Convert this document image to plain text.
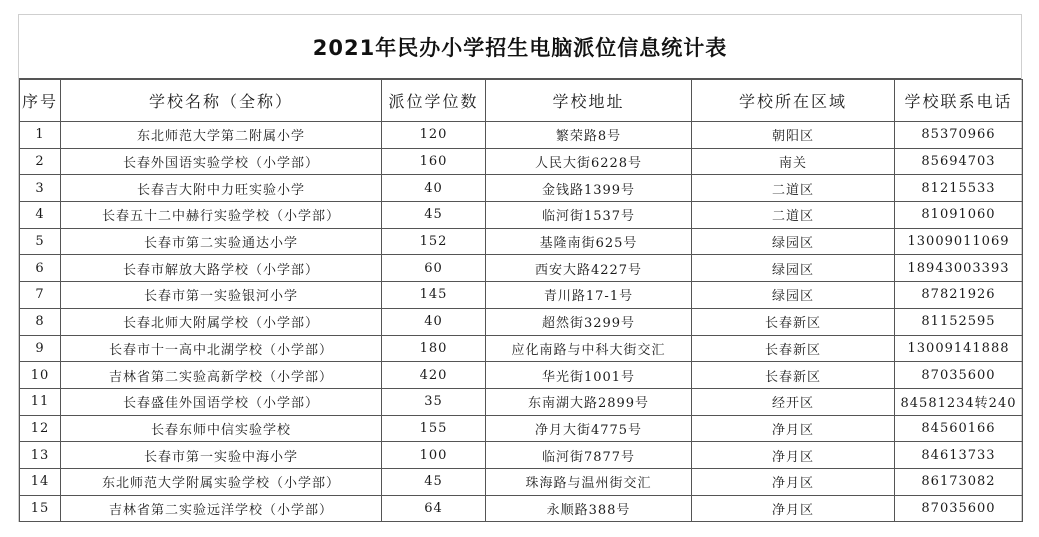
2021年民办小学招生电脑派位信息统计表
序号	学校名称（全称）	派位学位数	学校地址	学校所在区域	学校联系电话
1	东北师范大学第二附属小学	120	繁荣路8号	朝阳区	85370966
2	长春外国语实验学校（小学部）	160	人民大街6228号	南关	85694703
3	长春吉大附中力旺实验小学	40	金钱路1399号	二道区	81215533
4	长春五十二中赫行实验学校（小学部）	45	临河街1537号	二道区	81091060
5	长春市第二实验通达小学	152	基隆南街625号	绿园区	13009011069
6	长春市解放大路学校（小学部）	60	西安大路4227号	绿园区	18943003393
7	长春市第一实验银河小学	145	青川路17-1号	绿园区	87821926
8	长春北师大附属学校（小学部）	40	超然街3299号	长春新区	81152595
9	长春市十一高中北湖学校（小学部）	180	应化南路与中科大街交汇	长春新区	13009141888
10	吉林省第二实验高新学校（小学部）	420	华光街1001号	长春新区	87035600
11	长春盛佳外国语学校（小学部）	35	东南湖大路2899号	经开区	84581234转240
12	长春东师中信实验学校	155	净月大街4775号	净月区	84560166
13	长春市第一实验中海小学	100	临河街7877号	净月区	84613733
14	东北师范大学附属实验学校（小学部）	45	珠海路与温州街交汇	净月区	86173082
15	吉林省第二实验远洋学校（小学部）	64	永顺路388号	净月区	87035600
